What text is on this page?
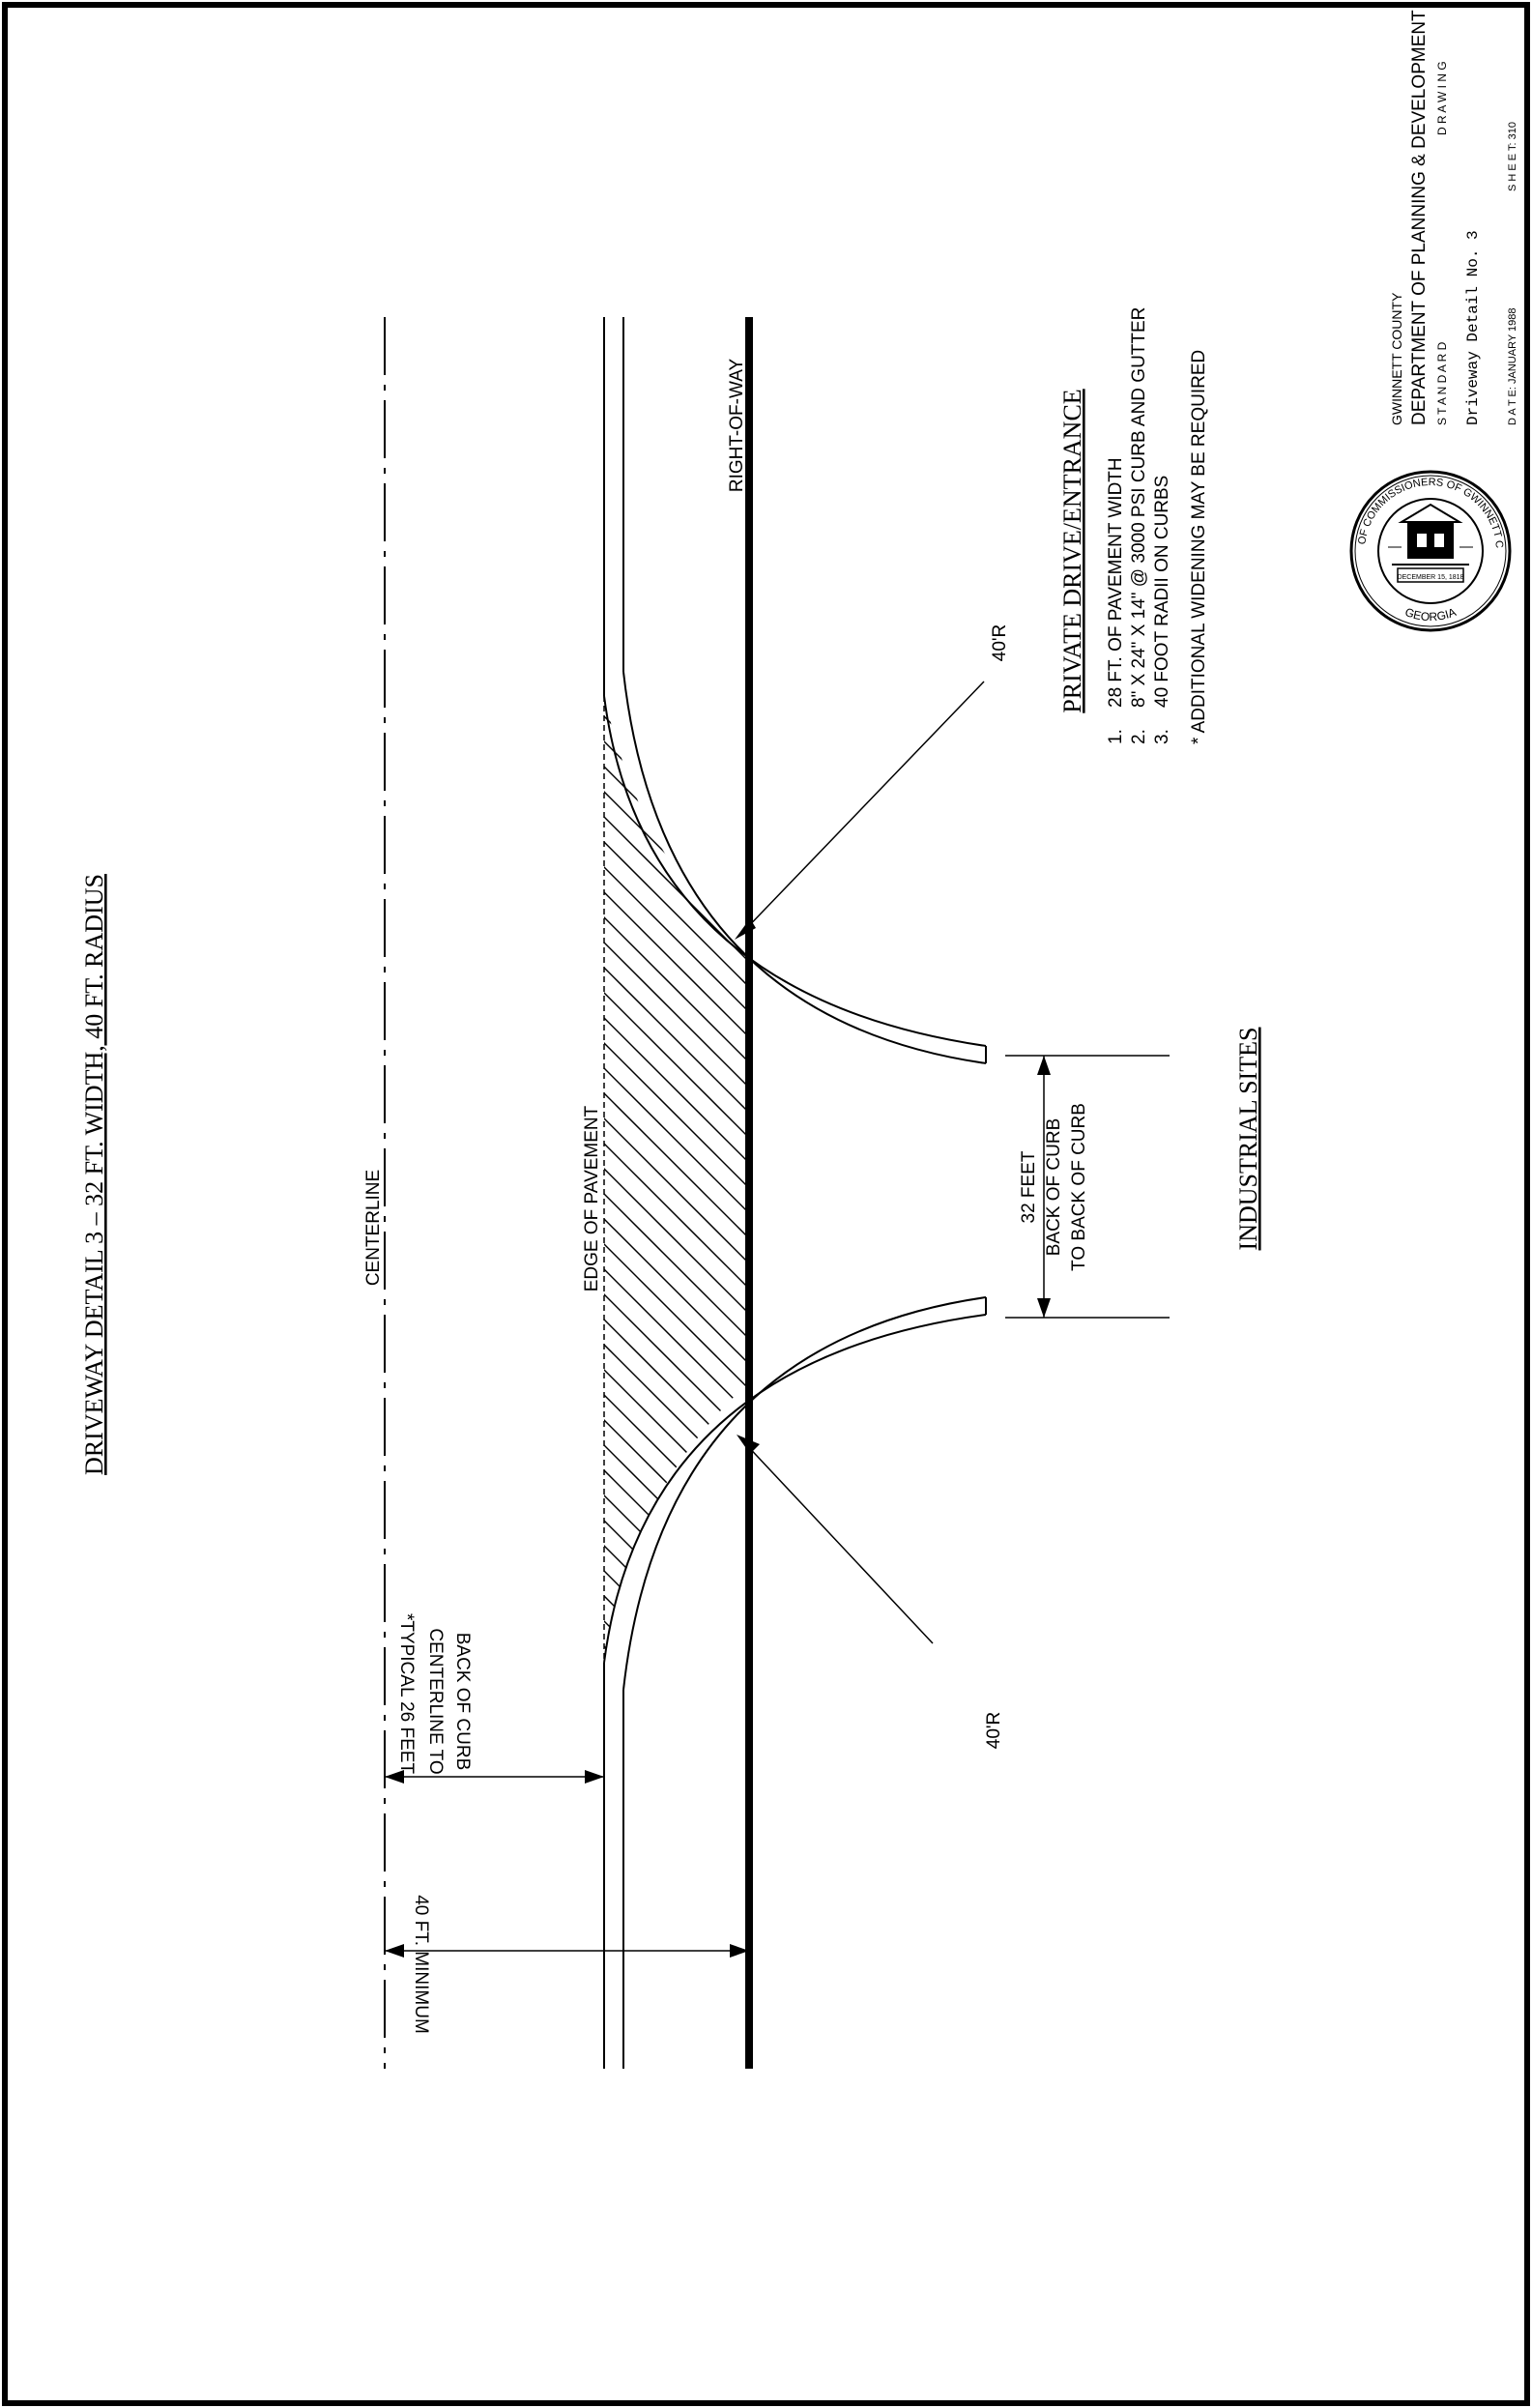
DRIVEWAY DETAIL 3 – 32 FT. WIDTH, 40 FT. RADIUS	CENTERLINE	EDGE OF PAVEMENT
RIGHT-OF-WAY
40'R
40'R
32 FEET BACK OF CURB TO BACK OF CURB
*TYPICAL 26 FEET CENTERLINE TO BACK OF CURB
40 FT. MINIMUM
INDUSTRIAL SITES
PRIVATE DRIVE/ENTRANCE
1.
28 FT. OF PAVEMENT WIDTH
2.
8" X 24" X 14" @ 3000 PSI CURB AND GUTTER
3.
40 FOOT RADII ON CURBS * ADDITIONAL WIDENING MAY BE REQUIRED	OF COMMISSIONERS OF GWINNETT C
GEORGIA
DECEMBER 15, 1818
GWINNETT COUNTY DEPARTMENT OF PLANNING & DEVELOPMENT S T A N D A R D
D R A W I N G
Driveway Detail No. 3 D A T E: JANUARY 1988
S H E E T: 310
